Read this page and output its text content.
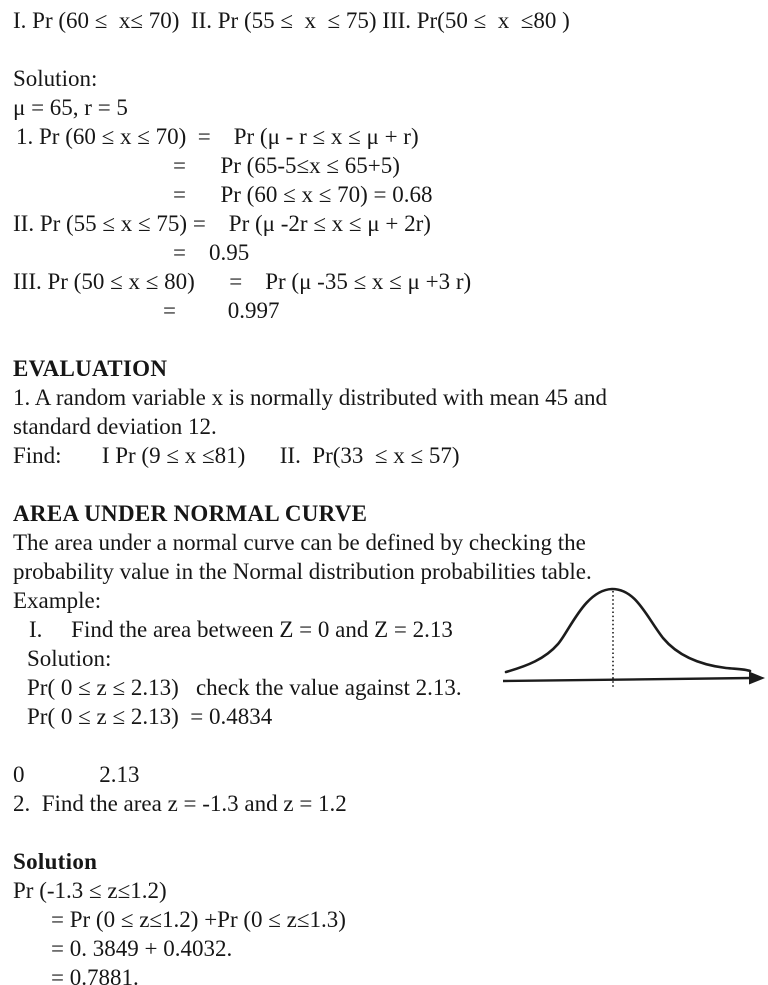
I. Pr (60 ≤  x≤ 70)  II. Pr (55 ≤  x  ≤ 75) III. Pr(50 ≤  x  ≤80 )
Solution:
μ = 65, r = 5
1. Pr (60 ≤ x ≤ 70)  =    Pr (μ - r ≤ x ≤ μ + r)
=      Pr (65-5≤x ≤ 65+5)
=      Pr (60 ≤ x ≤ 70) = 0.68
II. Pr (55 ≤ x ≤ 75) =    Pr (μ -2r ≤ x ≤ μ + 2r)
=    0.95
III. Pr (50 ≤ x ≤ 80)      =    Pr (μ -35 ≤ x ≤ μ +3 r)
=         0.997
EVALUATION
1. A random variable x is normally distributed with mean 45 and
standard deviation 12.
Find:       I Pr (9 ≤ x ≤81)      II.  Pr(33  ≤ x ≤ 57)
AREA UNDER NORMAL CURVE
The area under a normal curve can be defined by checking the
probability value in the Normal distribution probabilities table.
Example:
I.     Find the area between Z = 0 and Z = 2.13
Solution:
Pr( 0 ≤ z ≤ 2.13)   check the value against 2.13.
Pr( 0 ≤ z ≤ 2.13)  = 0.4834
0             2.13
2.  Find the area z = -1.3 and z = 1.2
Solution
Pr (-1.3 ≤ z≤1.2)
= Pr (0 ≤ z≤1.2) +Pr (0 ≤ z≤1.3)
= 0. 3849 + 0.4032.
= 0.7881.
